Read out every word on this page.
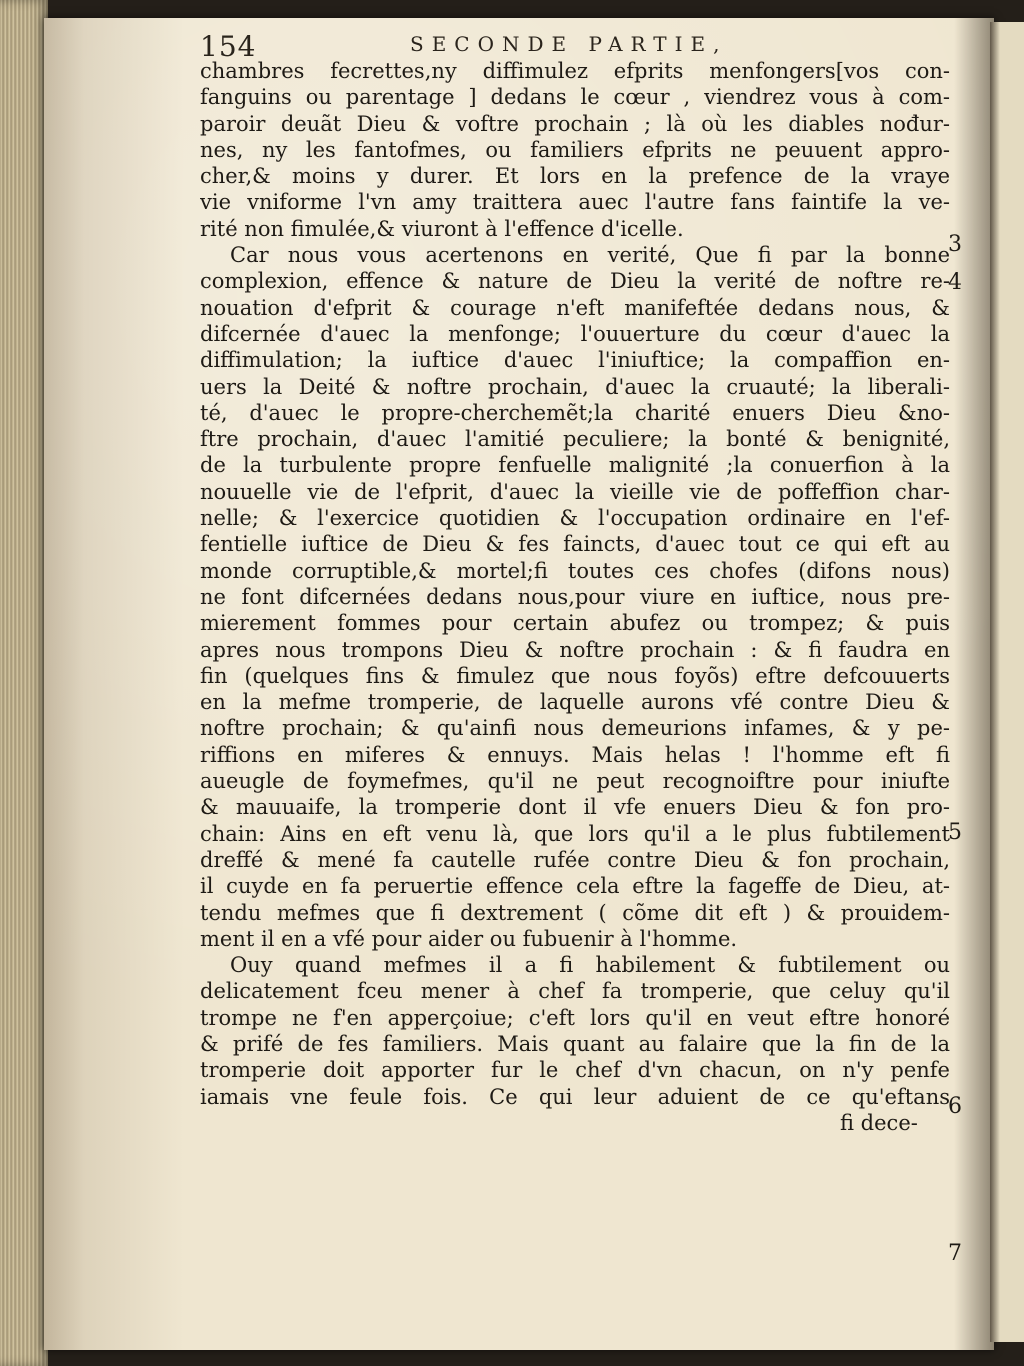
154	SECONDE PARTIE,
chambres fecrettes,ny diffimulez efprits menfongers[vos con-
fanguins ou parentage ] dedans le cœur , viendrez vous à com-
paroir deuãt Dieu & voftre prochain ; là où les diables nođur-
nes, ny les fantofmes, ou familiers efprits ne peuuent appro-
cher,& moins y durer. Et lors en la prefence de la vraye
vie vniforme l'vn amy traittera auec l'autre fans faintife la ve-
rité non fimulée,& viuront à l'effence d'icelle.
Car nous vous acertenons en verité, Que fi par la bonne
complexion, effence & nature de Dieu la verité de noftre re-
nouation d'efprit & courage n'eft manifeftée dedans nous, &
difcernée d'auec la menfonge; l'ouuerture du cœur d'auec la
diffimulation; la iuftice d'auec l'iniuftice; la compaffion en-
uers la Deité & noftre prochain, d'auec la cruauté; la liberali-
té, d'auec le propre-cherchemẽt;la charité enuers Dieu &no-
ftre prochain, d'auec l'amitié peculiere; la bonté & benignité,
de la turbulente propre fenfuelle malignité ;la conuerfion à la
nouuelle vie de l'efprit, d'auec la vieille vie de poffeffion char-
nelle; & l'exercice quotidien & l'occupation ordinaire en l'ef-
fentielle iuftice de Dieu & fes faincts, d'auec tout ce qui eft au
monde corruptible,& mortel;fi toutes ces chofes (difons nous)
ne font difcernées dedans nous,pour viure en iuftice, nous pre-
mierement fommes pour certain abufez ou trompez; & puis
apres nous trompons Dieu & noftre prochain : & fi faudra en
fin (quelques fins & fimulez que nous foyõs) eftre defcouuerts
en la mefme tromperie, de laquelle aurons vfé contre Dieu &
noftre prochain; & qu'ainfi nous demeurions infames, & y pe-
riffions en miferes & ennuys. Mais helas ! l'homme eft fi
aueugle de foymefmes, qu'il ne peut recognoiftre pour iniufte
& mauuaife, la tromperie dont il vfe enuers Dieu & fon pro-
chain: Ains en eft venu là, que lors qu'il a le plus fubtilement
dreffé & mené fa cautelle rufée contre Dieu & fon prochain,
il cuyde en fa peruertie effence cela eftre la fageffe de Dieu, at-
tendu mefmes que fi dextrement ( cõme dit eft ) & prouidem-
ment il en a vfé pour aider ou fubuenir à l'homme.
Ouy quand mefmes il a fi habilement & fubtilement ou
delicatement fceu mener à chef fa tromperie, que celuy qu'il
trompe ne f'en apperçoiue; c'eft lors qu'il en veut eftre honoré
& prifé de fes familiers. Mais quant au falaire que la fin de la
tromperie doit apporter fur le chef d'vn chacun, on n'y penfe
iamais vne feule fois. Ce qui leur aduient de ce qu'eftans
fi dece-
3
4
5
6
7
